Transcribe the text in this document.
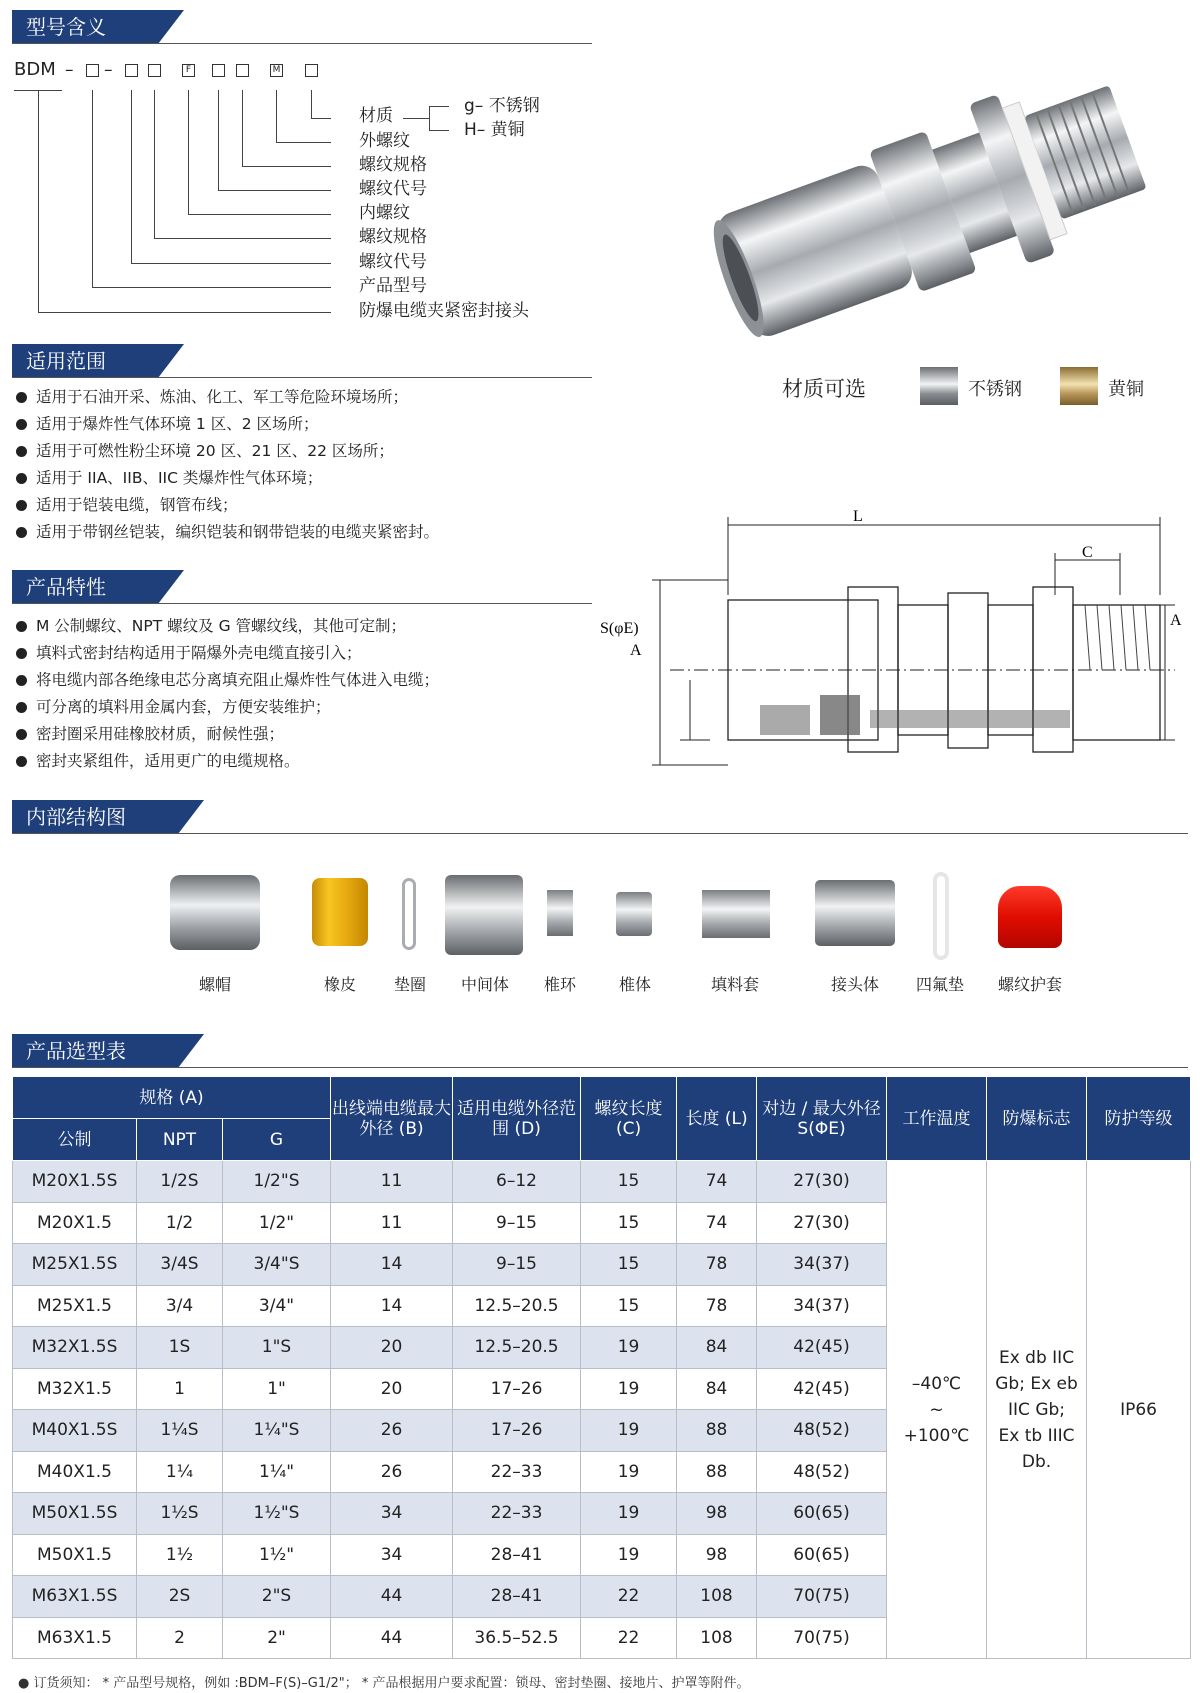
型号含义
BDM – –	F	M
材质
外螺纹
螺纹规格
螺纹代号
内螺纹
螺纹规格
螺纹代号
产品型号
防爆电缆夹紧密封接头
g– 不锈钢
H– 黄铜
材质可选	不锈钢	黄铜
适用范围
适用于石油开采、炼油、化工、军工等危险环境场所；
适用于爆炸性气体环境 1 区、2 区场所；
适用于可燃性粉尘环境 20 区、21 区、22 区场所；
适用于 IIA、IIB、IIC 类爆炸性气体环境；
适用于铠装电缆，钢管布线；
适用于带钢丝铠装，编织铠装和钢带铠装的电缆夹紧密封。
产品特性
M 公制螺纹、NPT 螺纹及 G 管螺纹线，其他可定制；
填料式密封结构适用于隔爆外壳电缆直接引入；
将电缆内部各绝缘电芯分离填充阻止爆炸性气体进入电缆；
可分离的填料用金属内套，方便安装维护；
密封圈采用硅橡胶材质，耐候性强；
密封夹紧组件，适用更广的电缆规格。
L
C
S(φE)
A
A
内部结构图
螺帽	橡皮	垫圈	中间体	椎环	椎体	填料套	接头体	四氟垫	螺纹护套
产品选型表
规格 (A)			出线端电缆最大外径 (B)	适用电缆外径范围 (D)	螺纹长度 (C)	长度 (L)	对边 / 最大外径 S(ΦE)	工作温度	防爆标志	防护等级
公制	NPT	G								
M20X1.5S	1/2S	1/2"S	11	6–12	15	74	27(30)	–40℃
~
+100℃	Ex db IIC Gb; Ex eb IIC Gb; Ex tb IIIC Db.	IP66
M20X1.5	1/2	1/2"	11	9–15	15	74	27(30)			
M25X1.5S	3/4S	3/4"S	14	9–15	15	78	34(37)			
M25X1.5	3/4	3/4"	14	12.5–20.5	15	78	34(37)			
M32X1.5S	1S	1"S	20	12.5–20.5	19	84	42(45)			
M32X1.5	1	1"	20	17–26	19	84	42(45)			
M40X1.5S	1¼S	1¼"S	26	17–26	19	88	48(52)			
M40X1.5	1¼	1¼"	26	22–33	19	88	48(52)			
M50X1.5S	1½S	1½"S	34	22–33	19	98	60(65)			
M50X1.5	1½	1½"	34	28–41	19	98	60(65)			
M63X1.5S	2S	2"S	44	28–41	22	108	70(75)			
M63X1.5	2	2"	44	36.5–52.5	22	108	70(75)			
● 订货须知： * 产品型号规格，例如 :BDM–F(S)–G1/2"； * 产品根据用户要求配置：锁母、密封垫圈、接地片、护罩等附件。
